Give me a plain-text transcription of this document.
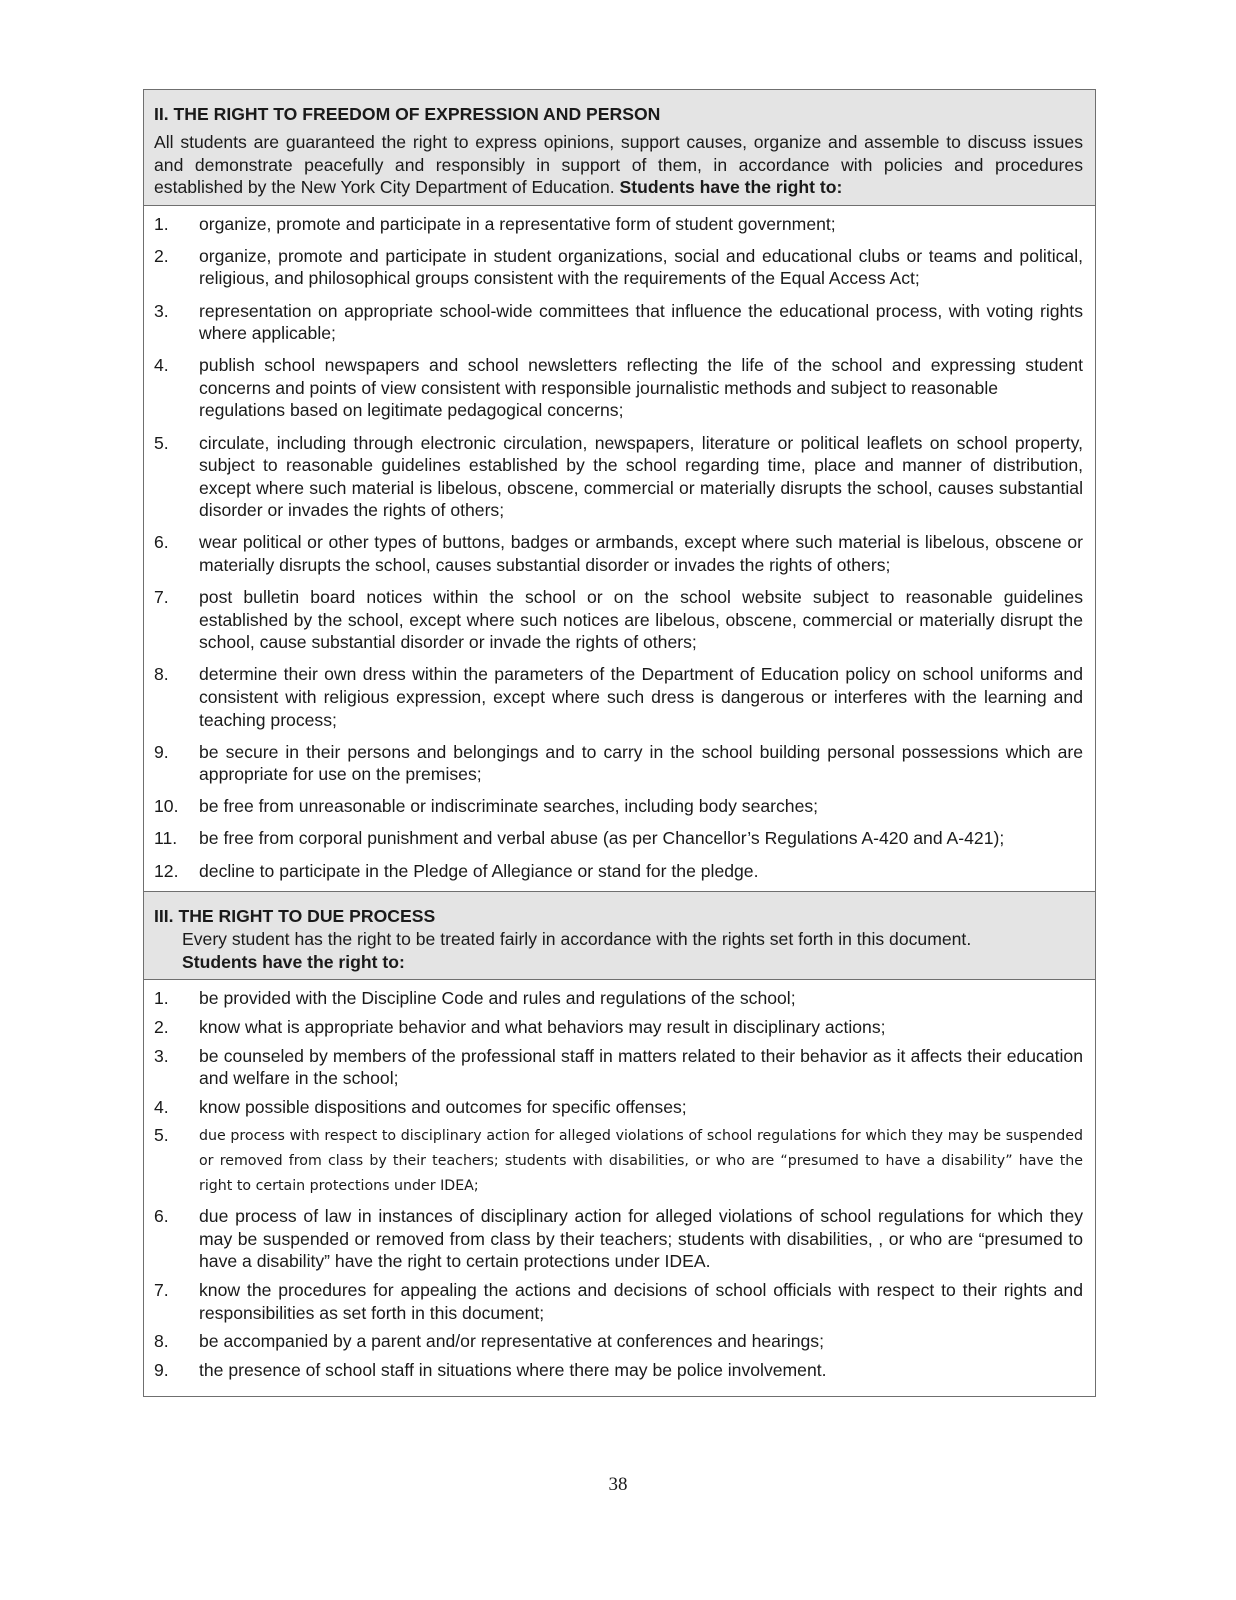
II. THE RIGHT TO FREEDOM OF EXPRESSION AND PERSON

All students are guaranteed the right to express opinions, support causes, organize and assemble to discuss issues and demonstrate peacefully and responsibly in support of them, in accordance with policies and procedures established by the New York City Department of Education. Students have the right to:

1.	organize, promote and participate in a representative form of student government;
2.	organize, promote and participate in student organizations, social and educational clubs or teams and political, religious, and philosophical groups consistent with the requirements of the Equal Access Act;
3.	representation on appropriate school-wide committees that influence the educational process, with voting rights where applicable;
4.	publish school newspapers and school newsletters reflecting the life of the school and expressing student concerns and points of view consistent with responsible journalistic methods and subject to reasonable
regulations based on legitimate pedagogical concerns;
5.	circulate, including through electronic circulation, newspapers, literature or political leaflets on school property, subject to reasonable guidelines established by the school regarding time, place and manner of distribution, except where such material is libelous, obscene, commercial or materially disrupts the school, causes substantial disorder or invades the rights of others;
6.	wear political or other types of buttons, badges or armbands, except where such material is libelous, obscene or materially disrupts the school, causes substantial disorder or invades the rights of others;
7.	post bulletin board notices within the school or on the school website subject to reasonable guidelines established by the school, except where such notices are libelous, obscene, commercial or materially disrupt the school, cause substantial disorder or invade the rights of others;
8.	determine their own dress within the parameters of the Department of Education policy on school uniforms and consistent with religious expression, except where such dress is dangerous or interferes with the learning and teaching process;
9.	be secure in their persons and belongings and to carry in the school building personal possessions which are appropriate for use on the premises;
10.	be free from unreasonable or indiscriminate searches, including body searches;
11.	be free from corporal punishment and verbal abuse (as per Chancellor’s Regulations A-420 and A-421);
12.	decline to participate in the Pledge of Allegiance or stand for the pledge.

III. THE RIGHT TO DUE PROCESS

Every student has the right to be treated fairly in accordance with the rights set forth in this document.
Students have the right to:

1.	be provided with the Discipline Code and rules and regulations of the school;
2.	know what is appropriate behavior and what behaviors may result in disciplinary actions;
3.	be counseled by members of the professional staff in matters related to their behavior as it affects their education and welfare in the school;
4.	know possible dispositions and outcomes for specific offenses;
5.	due process with respect to disciplinary action for alleged violations of school regulations for which they may be suspended or removed from class by their teachers; students with disabilities, or who are “presumed to have a disability” have the right to certain protections under IDEA;
6.	due process of law in instances of disciplinary action for alleged violations of school regulations for which they may be suspended or removed from class by their teachers; students with disabilities, , or who are “presumed to have a disability” have the right to certain protections under IDEA.
7.	know the procedures for appealing the actions and decisions of school officials with respect to their rights and responsibilities as set forth in this document;
8.	be accompanied by a parent and/or representative at conferences and hearings;
9.	the presence of school staff in situations where there may be police involvement.
38
